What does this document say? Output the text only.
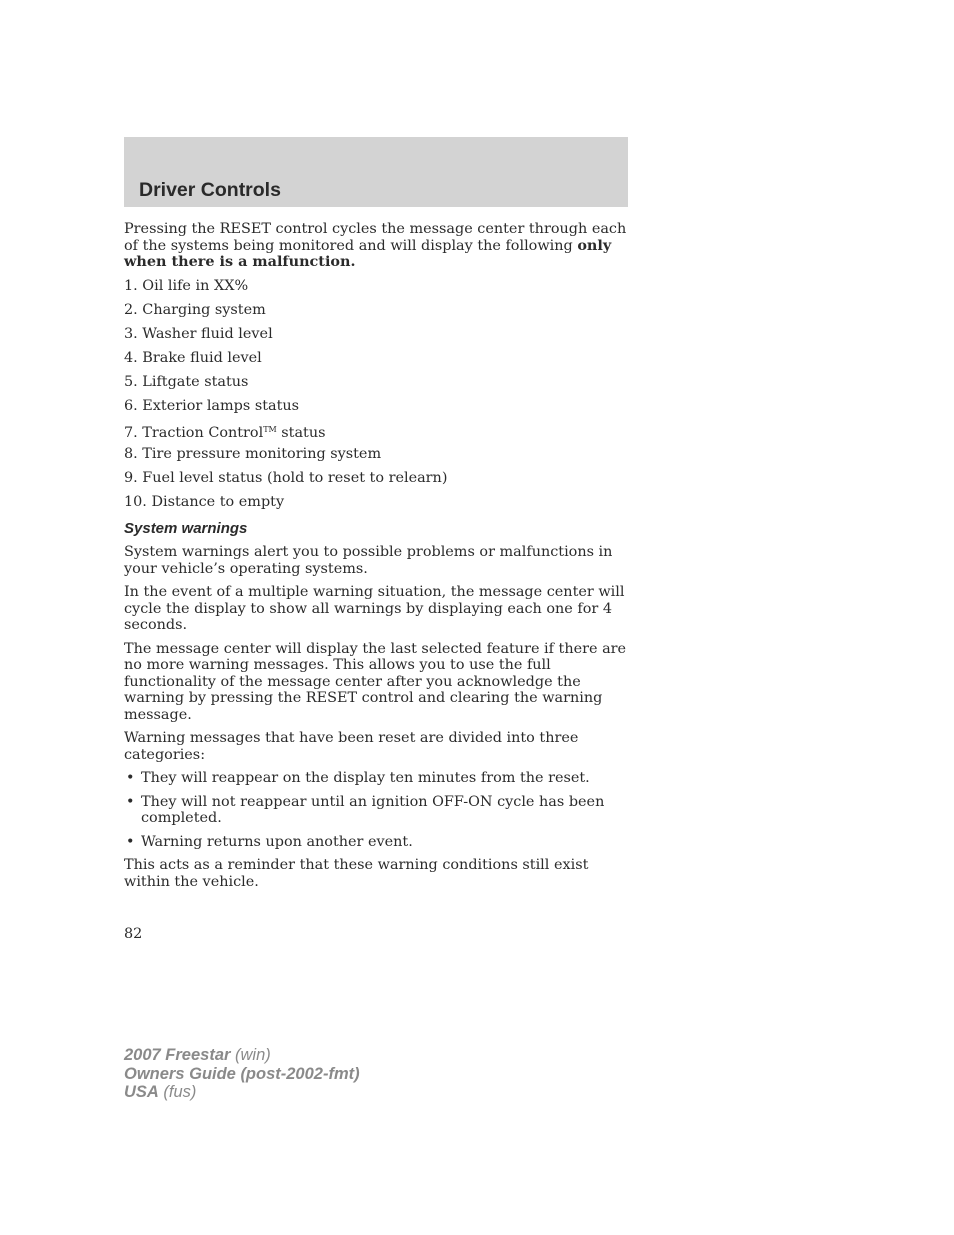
Driver Controls

Pressing the RESET control cycles the message center through each of the systems being monitored and will display the following only when there is a malfunction.

1. Oil life in XX%
2. Charging system
3. Washer fluid level
4. Brake fluid level
5. Liftgate status
6. Exterior lamps status
7. Traction Control™ status
8. Tire pressure monitoring system
9. Fuel level status (hold to reset to relearn)
10. Distance to empty

System warnings

System warnings alert you to possible problems or malfunctions in your vehicle’s operating systems.

In the event of a multiple warning situation, the message center will cycle the display to show all warnings by displaying each one for 4 seconds.

The message center will display the last selected feature if there are no more warning messages. This allows you to use the full functionality of the message center after you acknowledge the warning by pressing the RESET control and clearing the warning message.

Warning messages that have been reset are divided into three categories:

• They will reappear on the display ten minutes from the reset.
• They will not reappear until an ignition OFF-ON cycle has been completed.
• Warning returns upon another event.

This acts as a reminder that these warning conditions still exist within the vehicle.

82

2007 Freestar (win)
Owners Guide (post-2002-fmt)
USA (fus)
